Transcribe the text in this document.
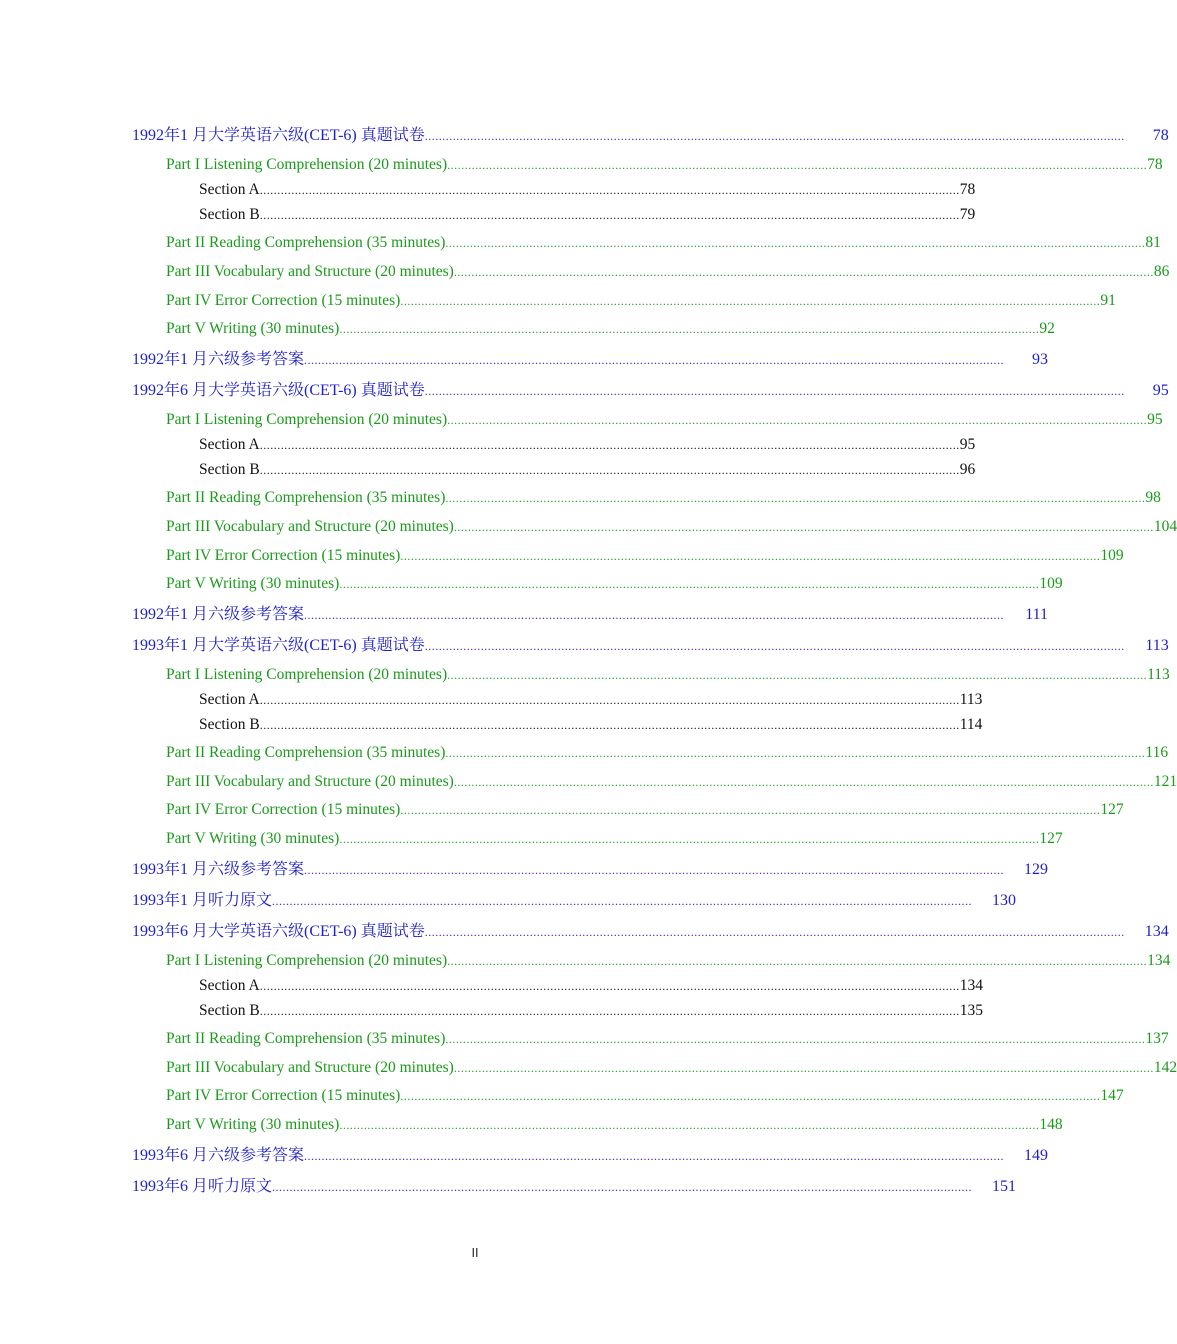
1992年1 月大学英语六级(CET-6) 真题试卷 ........................................................................................................................................................................................................	78
Part I Listening Comprehension (20 minutes) ........................................................................................................................................................................................................ 78
Section A ........................................................................................................................................................................................................ 78
Section B ........................................................................................................................................................................................................ 79
Part II Reading Comprehension (35 minutes) ........................................................................................................................................................................................................ 81
Part III Vocabulary and Structure (20 minutes) ........................................................................................................................................................................................................ 86
Part IV Error Correction (15 minutes) ........................................................................................................................................................................................................ 91
Part V Writing (30 minutes) ........................................................................................................................................................................................................ 92
1992年1 月六级参考答案 ........................................................................................................................................................................................................	93
1992年6 月大学英语六级(CET-6) 真题试卷 ........................................................................................................................................................................................................	95
Part I Listening Comprehension (20 minutes) ........................................................................................................................................................................................................ 95
Section A ........................................................................................................................................................................................................ 95
Section B ........................................................................................................................................................................................................ 96
Part II Reading Comprehension (35 minutes) ........................................................................................................................................................................................................ 98
Part III Vocabulary and Structure (20 minutes) ........................................................................................................................................................................................................ 104
Part IV Error Correction (15 minutes) ........................................................................................................................................................................................................ 109
Part V Writing (30 minutes) ........................................................................................................................................................................................................ 109
1992年1 月六级参考答案 ........................................................................................................................................................................................................	111
1993年1 月大学英语六级(CET-6) 真题试卷 ........................................................................................................................................................................................................	113
Part I Listening Comprehension (20 minutes) ........................................................................................................................................................................................................ 113
Section A ........................................................................................................................................................................................................ 113
Section B ........................................................................................................................................................................................................ 114
Part II Reading Comprehension (35 minutes) ........................................................................................................................................................................................................ 116
Part III Vocabulary and Structure (20 minutes) ........................................................................................................................................................................................................ 121
Part IV Error Correction (15 minutes) ........................................................................................................................................................................................................ 127
Part V Writing (30 minutes) ........................................................................................................................................................................................................ 127
1993年1 月六级参考答案 ........................................................................................................................................................................................................	129
1993年1 月听力原文 ........................................................................................................................................................................................................	130
1993年6 月大学英语六级(CET-6) 真题试卷 ........................................................................................................................................................................................................	134
Part I Listening Comprehension (20 minutes) ........................................................................................................................................................................................................ 134
Section A ........................................................................................................................................................................................................ 134
Section B ........................................................................................................................................................................................................ 135
Part II Reading Comprehension (35 minutes) ........................................................................................................................................................................................................ 137
Part III Vocabulary and Structure (20 minutes) ........................................................................................................................................................................................................ 142
Part IV Error Correction (15 minutes) ........................................................................................................................................................................................................ 147
Part V Writing (30 minutes) ........................................................................................................................................................................................................ 148
1993年6 月六级参考答案 ........................................................................................................................................................................................................	149
1993年6 月听力原文 ........................................................................................................................................................................................................	151
II
